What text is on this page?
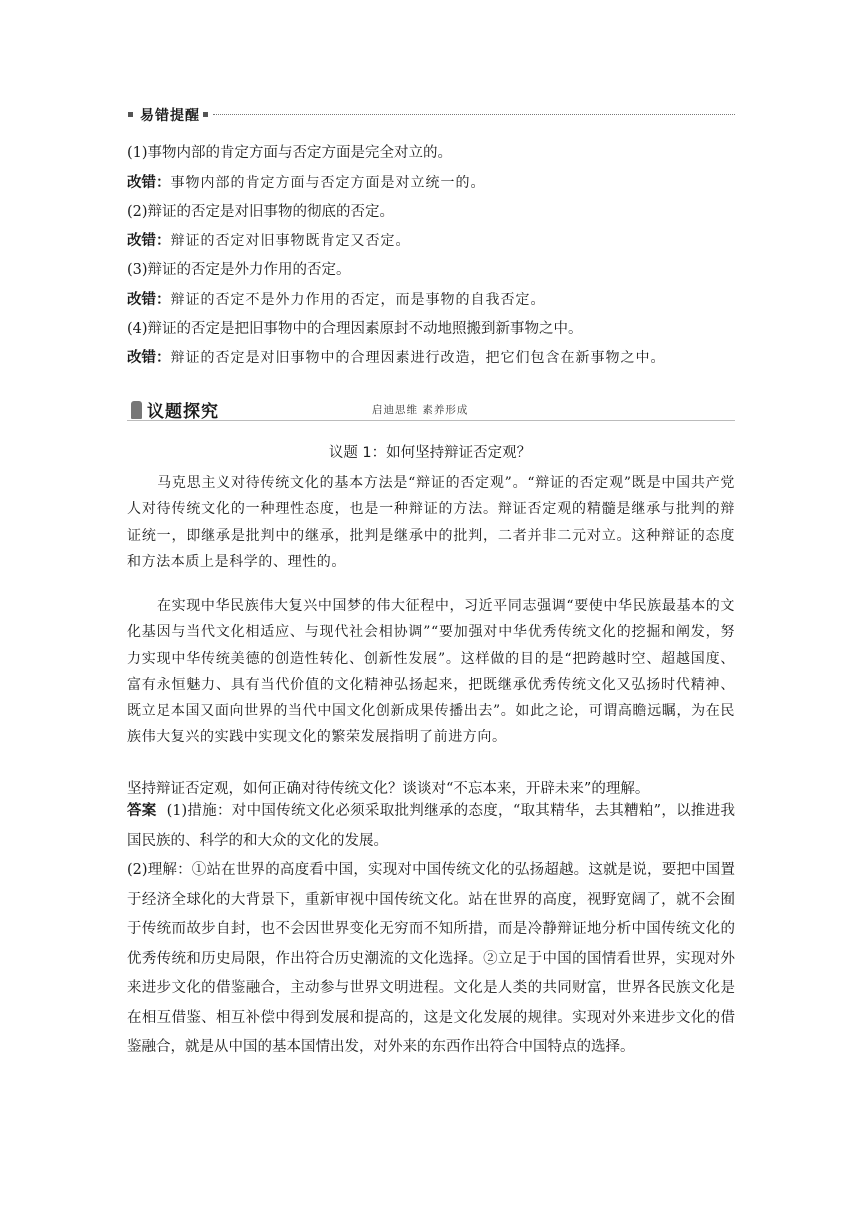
易错提醒
(1)事物内部的肯定方面与否定方面是完全对立的。
改错：事物内部的肯定方面与否定方面是对立统一的。
(2)辩证的否定是对旧事物的彻底的否定。
改错：辩证的否定对旧事物既肯定又否定。
(3)辩证的否定是外力作用的否定。
改错：辩证的否定不是外力作用的否定，而是事物的自我否定。
(4)辩证的否定是把旧事物中的合理因素原封不动地照搬到新事物之中。
改错：辩证的否定是对旧事物中的合理因素进行改造，把它们包含在新事物之中。
议题探究	启迪思维 素养形成
议题 1：如何坚持辩证否定观？
马克思主义对待传统文化的基本方法是“辩证的否定观”。“辩证的否定观”既是中国共产党人对待传统文化的一种理性态度，也是一种辩证的方法。辩证否定观的精髓是继承与批判的辩证统一，即继承是批判中的继承，批判是继承中的批判，二者并非二元对立。这种辩证的态度和方法本质上是科学的、理性的。
在实现中华民族伟大复兴中国梦的伟大征程中，习近平同志强调“要使中华民族最基本的文化基因与当代文化相适应、与现代社会相协调”“要加强对中华优秀传统文化的挖掘和阐发，努力实现中华传统美德的创造性转化、创新性发展”。这样做的目的是“把跨越时空、超越国度、富有永恒魅力、具有当代价值的文化精神弘扬起来，把既继承优秀传统文化又弘扬时代精神、既立足本国又面向世界的当代中国文化创新成果传播出去”。如此之论，可谓高瞻远瞩，为在民族伟大复兴的实践中实现文化的繁荣发展指明了前进方向。
坚持辩证否定观，如何正确对待传统文化？谈谈对“不忘本来，开辟未来”的理解。
答案 (1)措施：对中国传统文化必须采取批判继承的态度，“取其精华，去其糟粕”，以推进我国民族的、科学的和大众的文化的发展。
(2)理解：①站在世界的高度看中国，实现对中国传统文化的弘扬超越。这就是说，要把中国置于经济全球化的大背景下，重新审视中国传统文化。站在世界的高度，视野宽阔了，就不会囿于传统而故步自封，也不会因世界变化无穷而不知所措，而是冷静辩证地分析中国传统文化的优秀传统和历史局限，作出符合历史潮流的文化选择。②立足于中国的国情看世界，实现对外来进步文化的借鉴融合，主动参与世界文明进程。文化是人类的共同财富，世界各民族文化是在相互借鉴、相互补偿中得到发展和提高的，这是文化发展的规律。实现对外来进步文化的借鉴融合，就是从中国的基本国情出发，对外来的东西作出符合中国特点的选择。
